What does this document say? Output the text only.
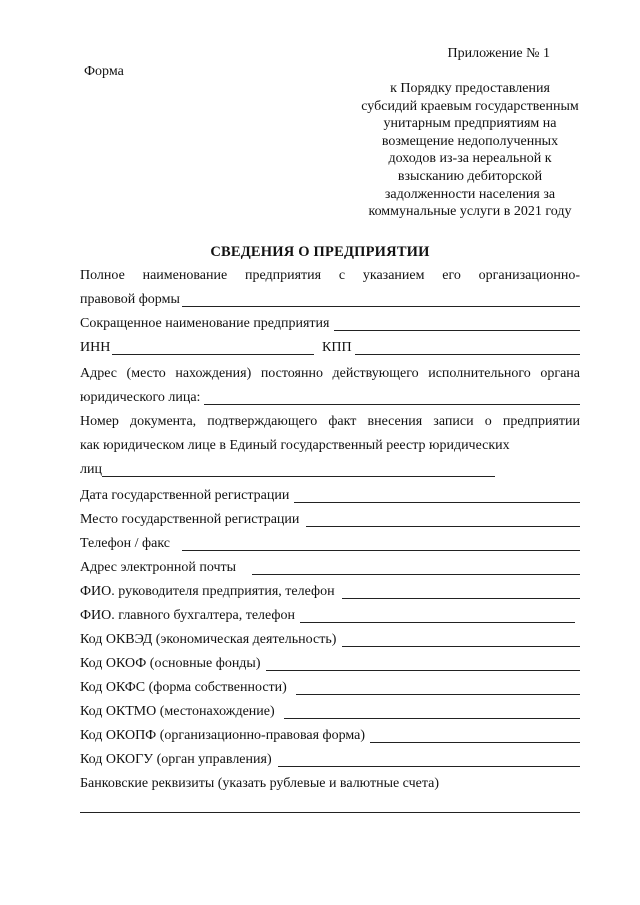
Приложение № 1
Форма
к Порядку предоставления
субсидий краевым государственным
унитарным предприятиям на
возмещение недополученных
доходов из-за нереальной к
взысканию дебиторской
задолженности населения за
коммунальные услуги в 2021 году
СВЕДЕНИЯ О ПРЕДПРИЯТИИ
Полное наименование предприятия с указанием его организационно-
правовой формы
Сокращенное наименование предприятия
ИНН	КПП
Адрес (место нахождения) постоянно действующего исполнительного органа
юридического лица:
Номер документа, подтверждающего факт внесения записи о предприятии
как юридическом лице в Единый государственный реестр юридических
лиц
Дата государственной регистрации
Место государственной регистрации
Телефон / факс
Адрес электронной почты
ФИО. руководителя предприятия, телефон
ФИО. главного бухгалтера, телефон
Код ОКВЭД (экономическая деятельность)
Код ОКОФ (основные фонды)
Код ОКФС (форма собственности)
Код ОКТМО (местонахождение)
Код ОКОПФ (организационно-правовая форма)
Код ОКОГУ (орган управления)
Банковские реквизиты (указать рублевые и валютные счета)
